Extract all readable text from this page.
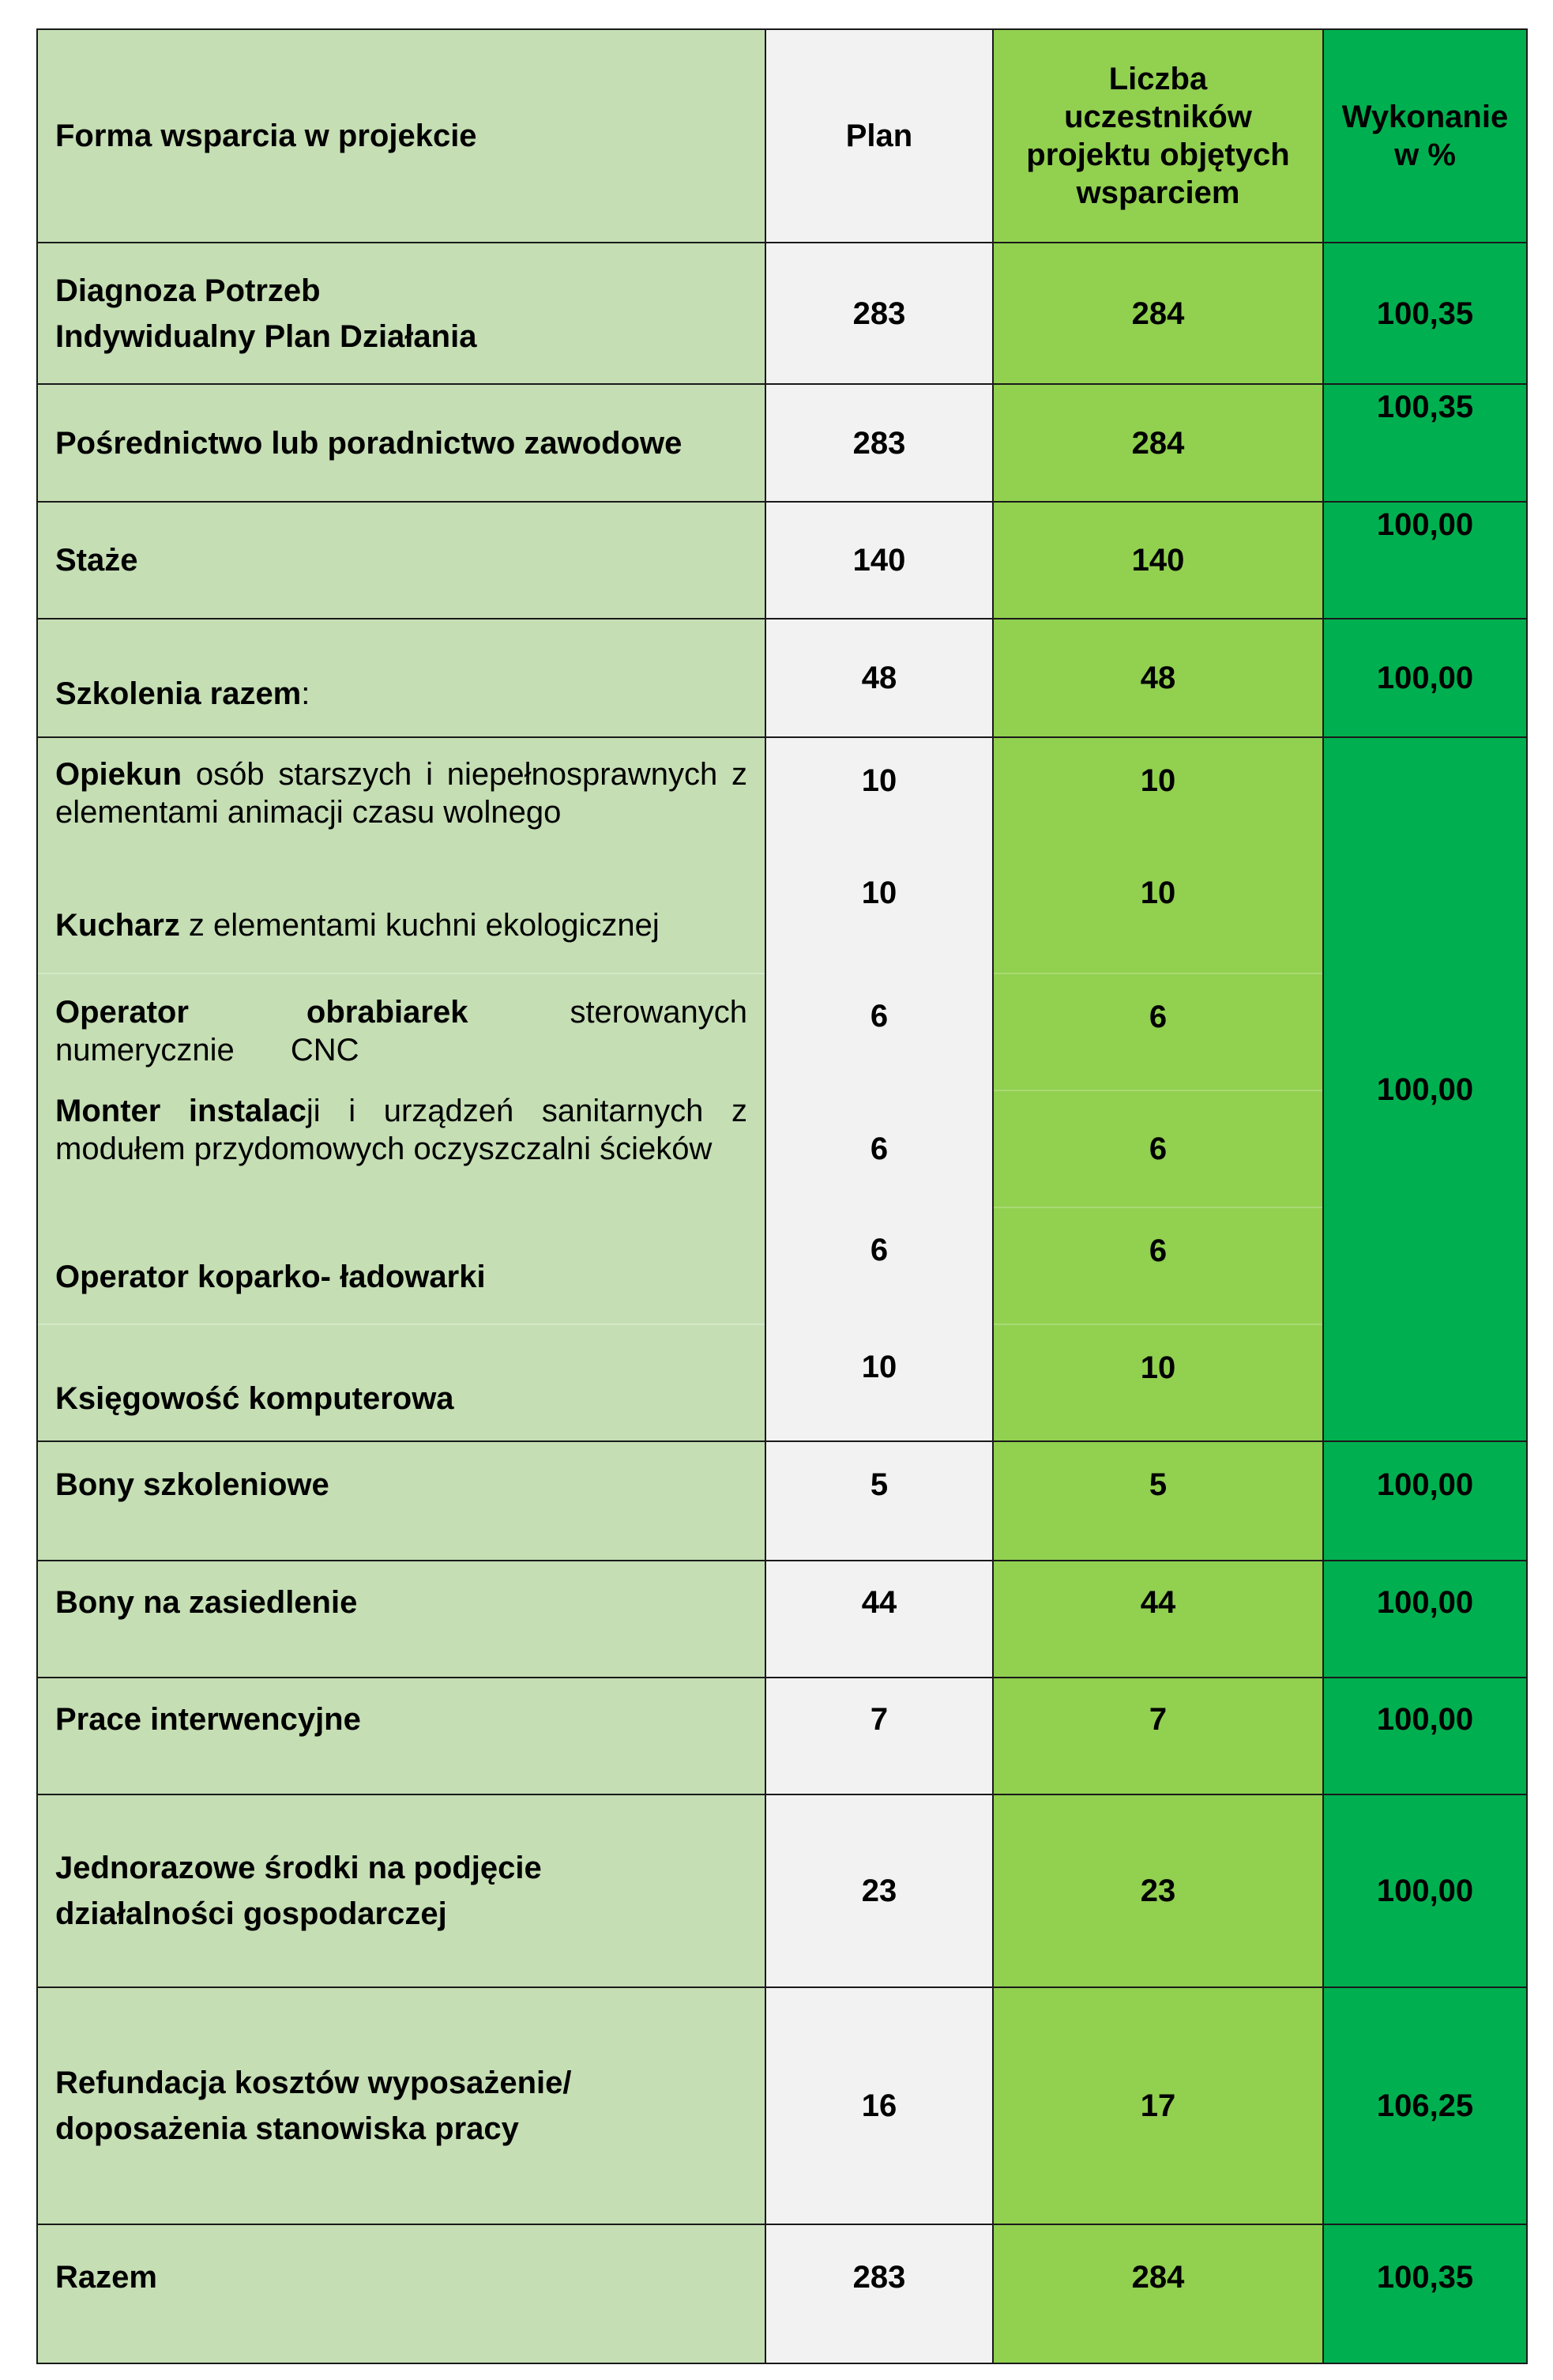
Forma wsparcia w projekcie	Plan	Liczba uczestników projektu objętych wsparciem	Wykonanie w %

Diagnoza Potrzeb
Indywidualny Plan Działania	283	284	100,35
Pośrednictwo lub poradnictwo zawodowe	283	284	100,35

Staże	140	140	100,00

Szkolenia razem:	48	48	100,00

Opiekun osób starszych i niepełnosprawnych z elementami animacji czasu wolnego	10	10	100,00

Kucharz z elementami kuchni ekologicznej	10	10	

Operator obrabiarek sterowanych numerycznie CNC	6	6	

Monter instalacji i urządzeń sanitarnych z modułem przydomowych oczyszczalni ścieków	6	6	

Operator koparko- ładowarki	6	6	

Księgowość komputerowa	10	10	

Bony szkoleniowe	5	5	100,00

Bony na zasiedlenie	44	44	100,00

Prace interwencyjne	7	7	100,00

Jednorazowe środki na podjęcie
działalności gospodarczej	23	23	100,00

Refundacja kosztów wyposażenie/
doposażenia stanowiska pracy	16	17	106,25

Razem	283	284	100,35
